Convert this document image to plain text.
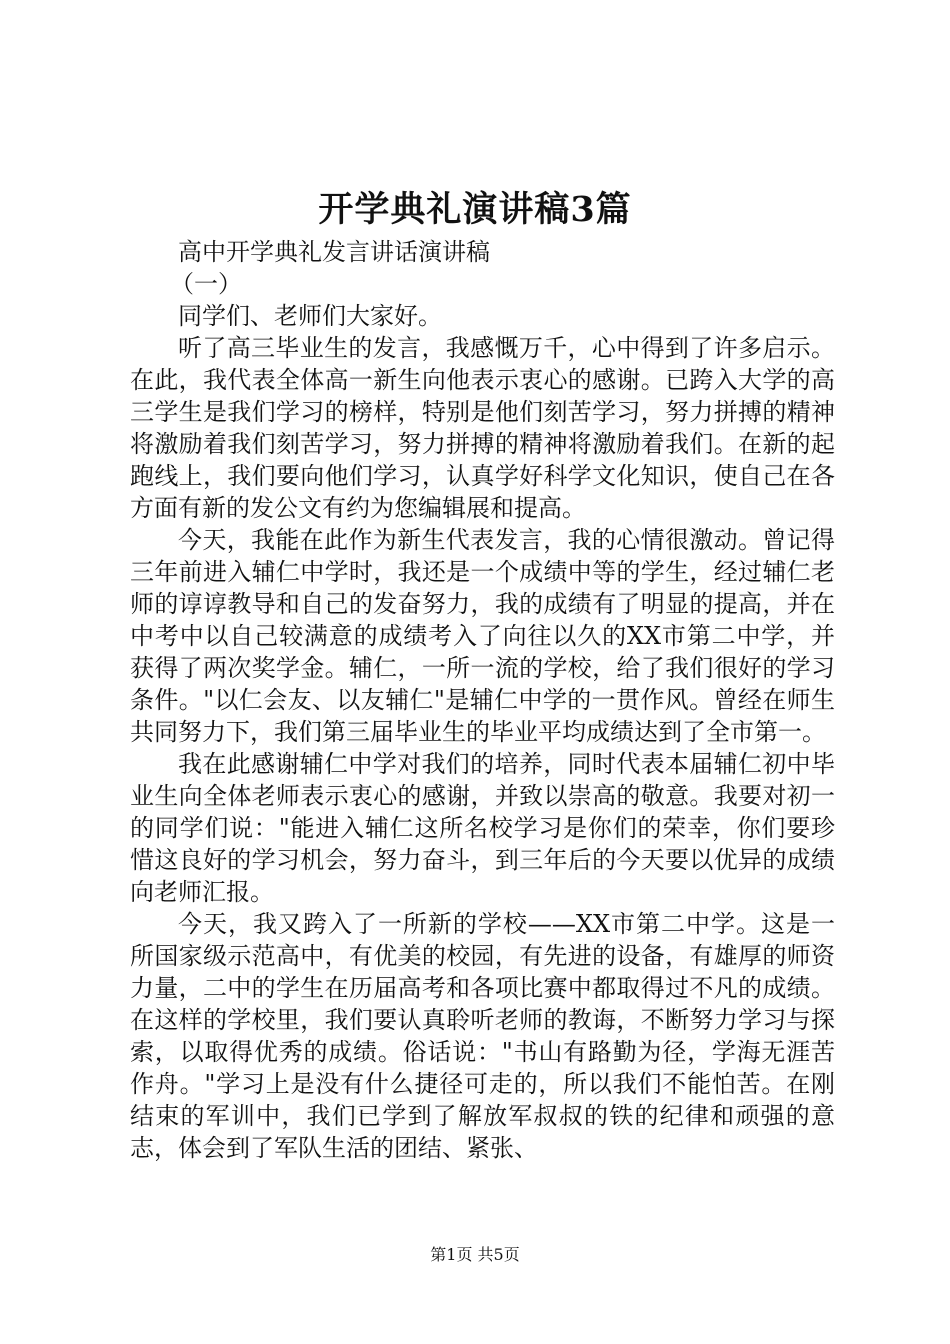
开学典礼演讲稿3篇

高中开学典礼发言讲话演讲稿

（一）

同学们、老师们大家好。

听了高三毕业生的发言，我感慨万千，心中得到了许多启示。在此，我代表全体高一新生向他表示衷心的感谢。已跨入大学的高三学生是我们学习的榜样，特别是他们刻苦学习，努力拼搏的精神将激励着我们刻苦学习，努力拼搏的精神将激励着我们。在新的起跑线上，我们要向他们学习，认真学好科学文化知识，使自己在各方面有新的发公文有约为您编辑展和提高。

今天，我能在此作为新生代表发言，我的心情很激动。曾记得三年前进入辅仁中学时，我还是一个成绩中等的学生，经过辅仁老师的谆谆教导和自己的发奋努力，我的成绩有了明显的提高，并在中考中以自己较满意的成绩考入了向往以久的XX市第二中学，并获得了两次奖学金。辅仁，一所一流的学校，给了我们很好的学习条件。"以仁会友、以友辅仁"是辅仁中学的一贯作风。曾经在师生共同努力下，我们第三届毕业生的毕业平均成绩达到了全市第一。

我在此感谢辅仁中学对我们的培养，同时代表本届辅仁初中毕业生向全体老师表示衷心的感谢，并致以崇高的敬意。我要对初一的同学们说："能进入辅仁这所名校学习是你们的荣幸，你们要珍惜这良好的学习机会，努力奋斗，到三年后的今天要以优异的成绩向老师汇报。

今天，我又跨入了一所新的学校——XX市第二中学。这是一所国家级示范高中，有优美的校园，有先进的设备，有雄厚的师资力量，二中的学生在历届高考和各项比赛中都取得过不凡的成绩。在这样的学校里，我们要认真聆听老师的教诲，不断努力学习与探索，以取得优秀的成绩。俗话说："书山有路勤为径，学海无涯苦作舟。"学习上是没有什么捷径可走的，所以我们不能怕苦。在刚结束的军训中，我们已学到了解放军叔叔的铁的纪律和顽强的意志，体会到了军队生活的团结、紧张、

第1页 共5页
